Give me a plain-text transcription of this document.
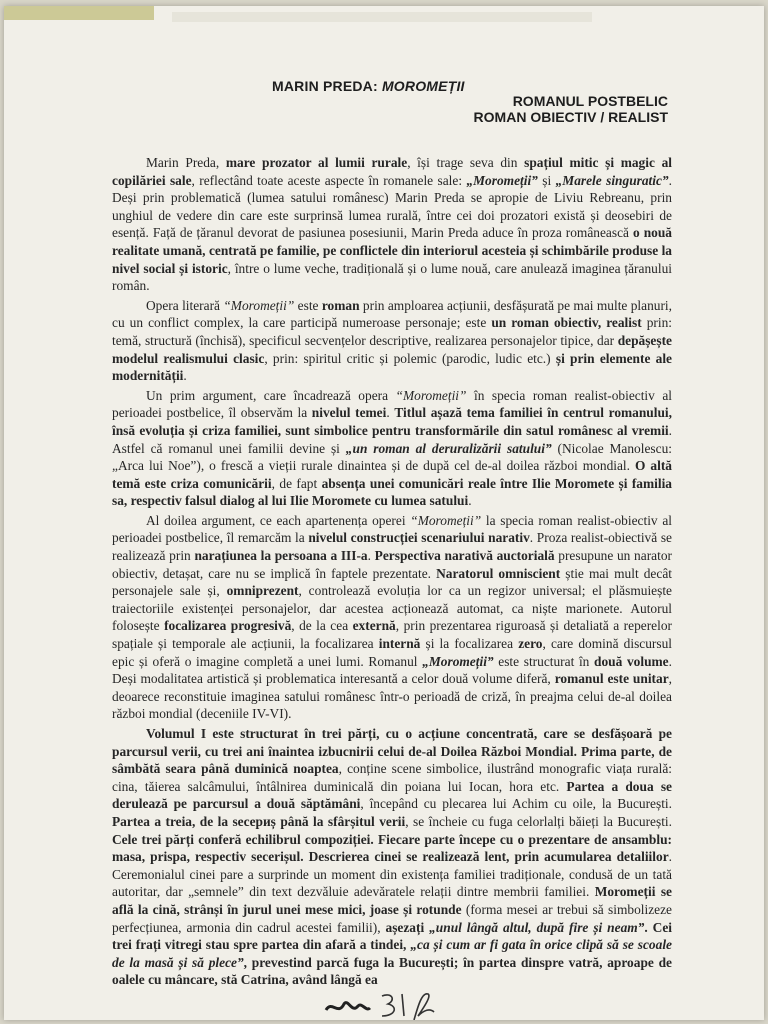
MARIN PREDA: MOROMEȚII
ROMANUL POSTBELIC
ROMAN OBIECTIV / REALIST

Marin Preda, mare prozator al lumii rurale, își trage seva din spațiul mitic și magic al copilăriei sale, reflectând toate aceste aspecte în romanele sale: „Moromeții” și „Marele singuratic”. Deși prin problematică (lumea satului românesc) Marin Preda se apropie de Liviu Rebreanu, prin unghiul de vedere din care este surprinsă lumea rurală, între cei doi prozatori există și deosebiri de esență. Față de țăranul devorat de pasiunea posesiunii, Marin Preda aduce în proza românească o nouă realitate umană, centrată pe familie, pe conflictele din interiorul acesteia și schimbările produse la nivel social și istoric, între o lume veche, tradițională și o lume nouă, care anulează imaginea țăranului român.

Opera literară “Moromeții” este roman prin amploarea acțiunii, desfășurată pe mai multe planuri, cu un conflict complex, la care participă numeroase personaje; este un roman obiectiv, realist prin: temă, structură (închisă), specificul secvențelor descriptive, realizarea personajelor tipice, dar depășește modelul realismului clasic, prin: spiritul critic și polemic (parodic, ludic etc.) și prin elemente ale modernității.

Un prim argument, care încadrează opera “Moromeții” în specia roman realist-obiectiv al perioadei postbelice, îl observăm la nivelul temei. Titlul așază tema familiei în centrul romanului, însă evoluția și criza familiei, sunt simbolice pentru transformările din satul românesc al vremii. Astfel că romanul unei familii devine și „un roman al deruralizării satului” (Nicolae Manolescu: „Arca lui Noe”), o frescă a vieții rurale dinaintea și de după cel de-al doilea război mondial. O altă temă este criza comunicării, de fapt absența unei comunicări reale între Ilie Moromete și familia sa, respectiv falsul dialog al lui Ilie Moromete cu lumea satului.

Al doilea argument, ce each apartenența operei “Moromeții” la specia roman realist-obiectiv al perioadei postbelice, îl remarcăm la nivelul construcției scenariului narativ. Proza realist-obiectivă se realizează prin narațiunea la persoana a III-a. Perspectiva narativă auctorială presupune un narator obiectiv, detașat, care nu se implică în faptele prezentate. Naratorul omniscient știe mai mult decât personajele sale și, omniprezent, controlează evoluția lor ca un regizor universal; el plăsmuiește traiectoriile existenței personajelor, dar acestea acționează automat, ca niște marionete. Autorul folosește focalizarea progresivă, de la cea externă, prin prezentarea riguroasă și detaliată a reperelor spațiale și temporale ale acțiunii, la focalizarea internă și la focalizarea zero, care domină discursul epic și oferă o imagine completă a unei lumi. Romanul „Moromeții” este structurat în două volume. Deși modalitatea artistică și problematica interesantă a celor două volume diferă, romanul este unitar, deoarece reconstituie imaginea satului românesc într-o perioadă de criză, în preajma celui de-al doilea război mondial (deceniile IV-VI).

Volumul I este structurat în trei părți, cu o acțiune concentrată, care se desfășoară pe parcursul verii, cu trei ani înaintea izbucnirii celui de-al Doilea Război Mondial. Prima parte, de sâmbătă seara până duminică noaptea, conține scene simbolice, ilustrând monografic viața rurală: cina, tăierea salcâmului, întâlnirea duminicală din poiana lui Iocan, hora etc. Partea a doua se derulează pe parcursul a două săptămâni, începând cu plecarea lui Achim cu oile, la București. Partea a treia, de la secериș până la sfârșitul verii, se încheie cu fuga celorlalți băieți la București. Cele trei părți conferă echilibrul compoziției. Fiecare parte începe cu o prezentare de ansamblu: masa, prispa, respectiv secerișul. Descrierea cinei se realizează lent, prin acumularea detaliilor. Ceremonialul cinei pare a surprinde un moment din existența familiei tradiționale, condusă de un tată autoritar, dar „semnele” din text dezvăluie adevăratele relații dintre membrii familiei. Moromeții se află la cină, strânși în jurul unei mese mici, joase și rotunde (forma mesei ar trebui să simbolizeze perfecțiunea, armonia din cadrul acestei familii), așezați „unul lângă altul, după fire și neam”. Cei trei frați vitregi stau spre partea din afară a tindei, „ca și cum ar fi gata în orice clipă să se scoale de la masă și să plece”, prevestind parcă fuga la București; în partea dinspre vatră, aproape de oalele cu mâncare, stă Catrina, având lângă ea
